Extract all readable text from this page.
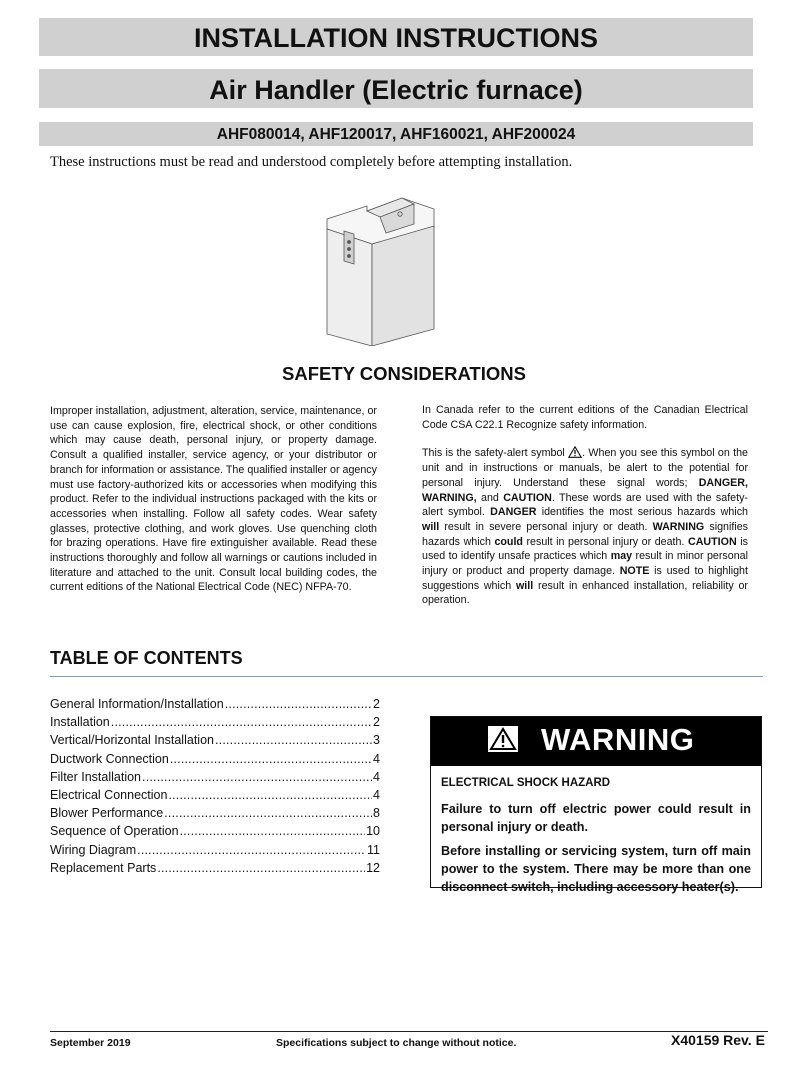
INSTALLATION INSTRUCTIONS
Air Handler (Electric furnace)
AHF080014, AHF120017, AHF160021, AHF200024
These instructions must be read and understood completely before attempting installation.
SAFETY CONSIDERATIONS
Improper installation, adjustment, alteration, service, maintenance, or use can cause explosion, fire, electrical shock, or other conditions which may cause death, personal injury, or property damage. Consult a qualified installer, service agency, or your distributor or branch for information or assistance. The qualified installer or agency must use factory-authorized kits or accessories when modifying this product. Refer to the individual instructions packaged with the kits or accessories when installing. Follow all safety codes. Wear safety glasses, protective clothing, and work gloves. Use quenching cloth for brazing operations. Have fire extinguisher available. Read these instructions thoroughly and follow all warnings or cautions included in literature and attached to the unit. Consult local building codes, the current editions of the National Electrical Code (NEC) NFPA-70.

In Canada refer to the current editions of the Canadian Electrical Code CSA C22.1 Recognize safety information.

This is the safety-alert symbol . When you see this symbol on the unit and in instructions or manuals, be alert to the potential for personal injury. Understand these signal words; DANGER, WARNING, and CAUTION. These words are used with the safety-alert symbol. DANGER identifies the most serious hazards which will result in severe personal injury or death. WARNING signifies hazards which could result in personal injury or death. CAUTION is used to identify unsafe practices which may result in minor personal injury or product and property damage. NOTE is used to highlight suggestions which will result in enhanced installation, reliability or operation.

TABLE OF CONTENTS
General Information/Installation .....	2
Installation .....	2
Vertical/Horizontal Installation .....	3
Ductwork Connection .....	4
Filter Installation .....	4
Electrical Connection .....	4
Blower Performance .....	8
Sequence of Operation .....	10
Wiring Diagram .....	11
Replacement Parts .....	12
WARNING

ELECTRICAL SHOCK HAZARD

Failure to turn off electric power could result in personal injury or death.

Before installing or servicing system, turn off main power to the system. There may be more than one disconnect switch, including accessory heater(s).

September 2019	Specifications subject to change without notice.	X40159 Rev. E
